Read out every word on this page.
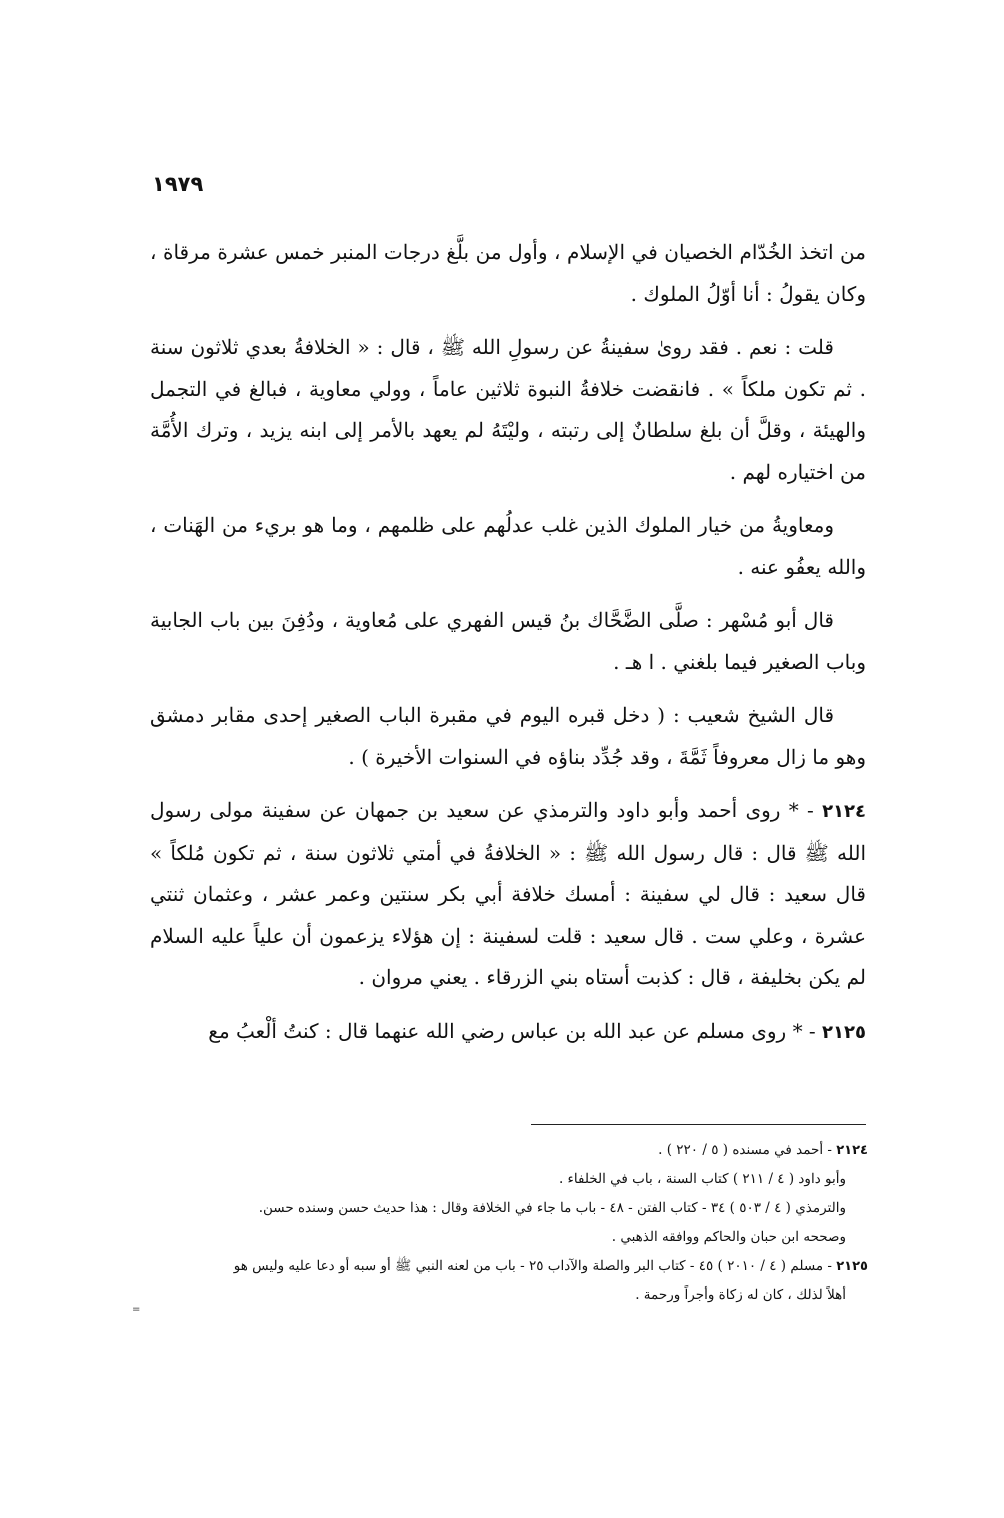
١٩٧٩

من اتخذ الخُدّام الخصيان في الإسلام ، وأول من بلَّغ درجات المنبر خمس عشرة مرقاة ، وكان يقولُ : أنا أوّلُ الملوك .

قلت : نعم . فقد روىٰ سفينةُ عن رسولِ الله ﷺ ، قال : « الخلافةُ بعدي ثلاثون سنة . ثم تكون ملكاً » . فانقضت خلافةُ النبوة ثلاثين عاماً ، وولي معاوية ، فبالغ في التجمل والهيئة ، وقلَّ أن بلغ سلطانٌ إلى رتبته ، وليْتَهُ لم يعهد بالأمر إلى ابنه يزيد ، وترك الأُمَّة من اختياره لهم .

ومعاويةُ من خيار الملوك الذين غلب عدلُهم على ظلمهم ، وما هو بريء من الهَنات ، والله يعفُو عنه .

قال أبو مُسْهر : صلَّى الضَّحَّاك بنُ قيس الفهري على مُعاوية ، ودُفِنَ بين باب الجابية وباب الصغير فيما بلغني . ا هـ .

قال الشيخ شعيب : ( دخل قبره اليوم في مقبرة الباب الصغير إحدى مقابر دمشق وهو ما زال معروفاً ثَمَّةَ ، وقد جُدِّد بناؤه في السنوات الأخيرة ) .

٢١٢٤ - * روى أحمد وأبو داود والترمذي عن سعيد بن جمهان عن سفينة مولى رسول الله ﷺ قال : قال رسول الله ﷺ : « الخلافةُ في أمتي ثلاثون سنة ، ثم تكون مُلكاً » قال سعيد : قال لي سفينة : أمسك خلافة أبي بكر سنتين وعمر عشر ، وعثمان ثنتي عشرة ، وعلي ست . قال سعيد : قلت لسفينة : إن هؤلاء يزعمون أن علياً عليه السلام لم يكن بخليفة ، قال : كذبت أستاه بني الزرقاء . يعني مروان .

٢١٢٥ - * روى مسلم عن عبد الله بن عباس رضي الله عنهما قال : كنتُ ألْعبُ مع

٢١٢٤ - أحمد في مسنده ( ٥ / ٢٢٠ ) .

وأبو داود ( ٤ / ٢١١ ) كتاب السنة ، باب في الخلفاء .

والترمذي ( ٤ / ٥٠٣ ) ٣٤ - كتاب الفتن - ٤٨ - باب ما جاء في الخلافة وقال : هذا حديث حسن وسنده حسن.

وصححه ابن حبان والحاكم ووافقه الذهبي .

٢١٢٥ - مسلم ( ٤ / ٢٠١٠ ) ٤٥ - كتاب البر والصلة والآداب ٢٥ - باب من لعنه النبي ﷺ أو سبه أو دعا عليه وليس هو

أهلاً لذلك ، كان له زكاة وأجراً ورحمة .

=
